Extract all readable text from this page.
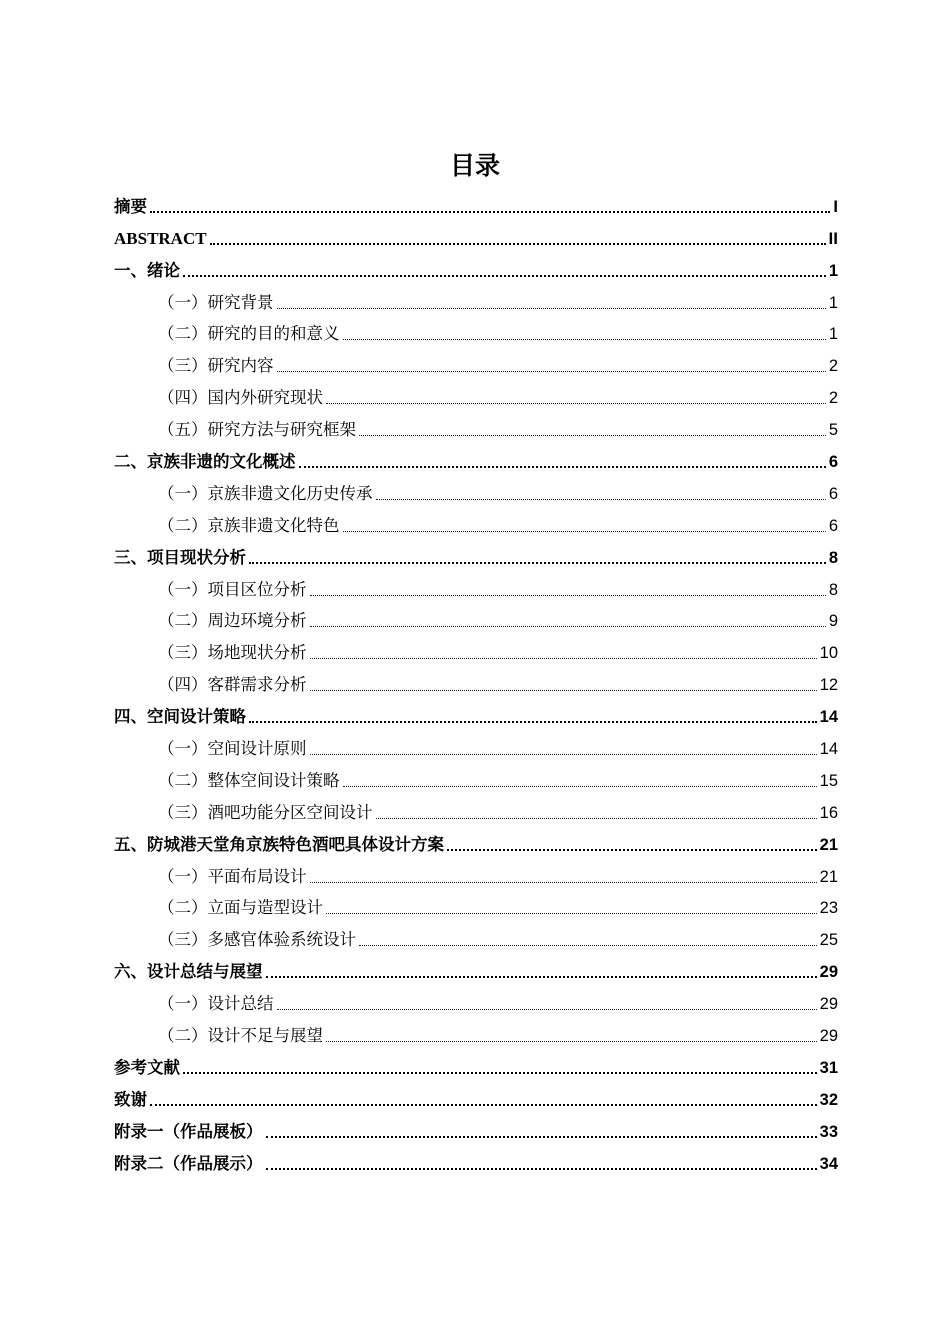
目录
摘要	I
ABSTRACT	II
一、绪论	1
（一）研究背景	1
（二）研究的目的和意义	1
（三）研究内容	2
（四）国内外研究现状	2
（五）研究方法与研究框架	5
二、京族非遗的文化概述	6
（一）京族非遗文化历史传承	6
（二）京族非遗文化特色	6
三、项目现状分析	8
（一）项目区位分析	8
（二）周边环境分析	9
（三）场地现状分析	10
（四）客群需求分析	12
四、空间设计策略	14
（一）空间设计原则	14
（二）整体空间设计策略	15
（三）酒吧功能分区空间设计	16
五、防城港天堂角京族特色酒吧具体设计方案	21
（一）平面布局设计	21
（二）立面与造型设计	23
（三）多感官体验系统设计	25
六、设计总结与展望	29
（一）设计总结	29
（二）设计不足与展望	29
参考文献	31
致谢	32
附录一（作品展板）	33
附录二（作品展示）	34
